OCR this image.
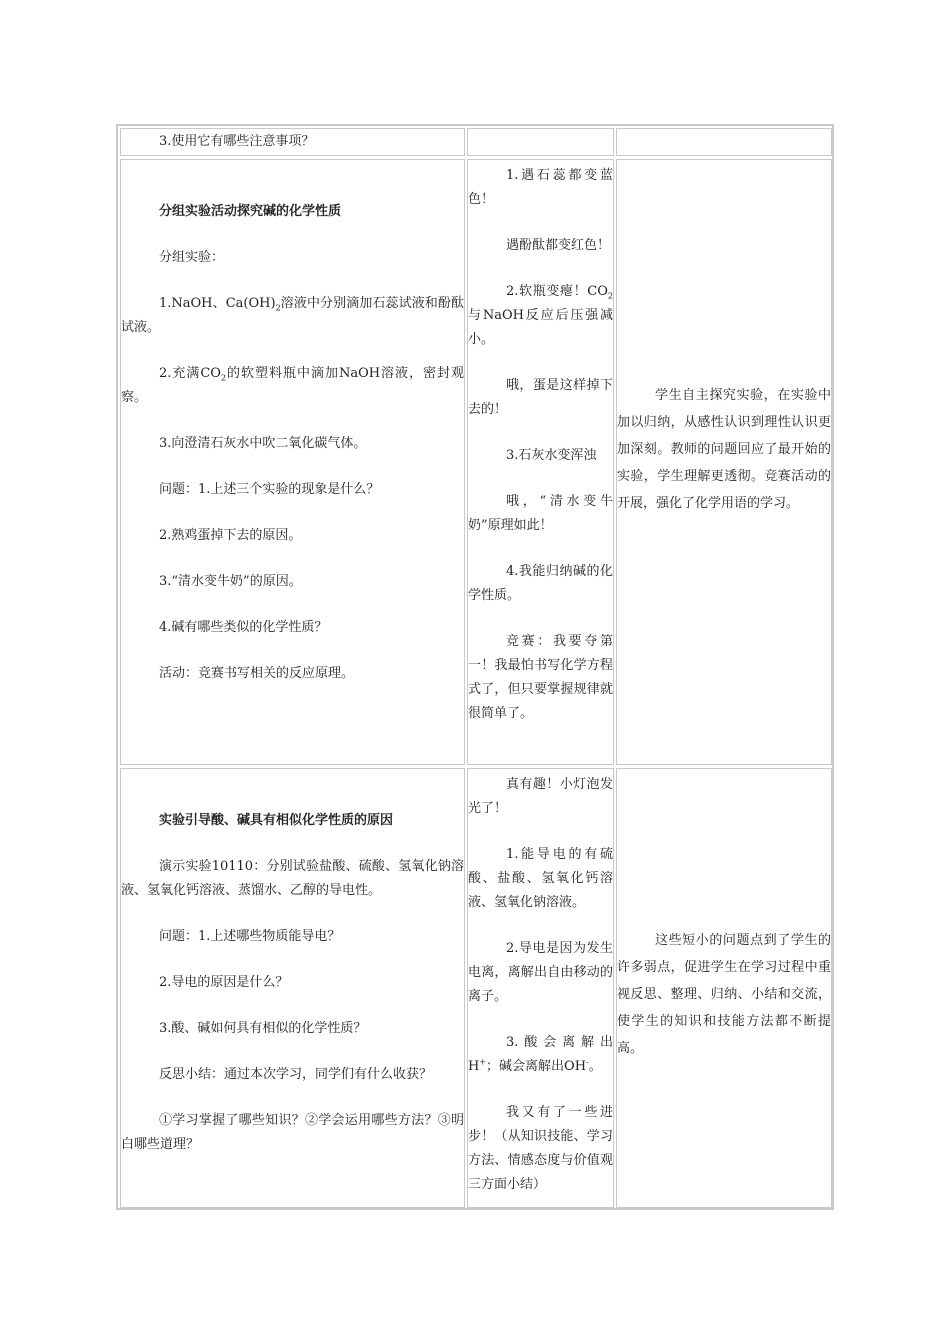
3.使用它有哪些注意事项？

分组实验活动探究碱的化学性质

分组实验：

1.NaOH、$Ca(OH)_2$溶液中分别滴加石蕊试液和酚酞试液。

2.充满$CO_2$的软塑料瓶中滴加NaOH溶液，密封观察。

3.向澄清石灰水中吹二氧化碳气体。

问题：1.上述三个实验的现象是什么？

2.熟鸡蛋掉下去的原因。

3.“清水变牛奶”的原因。

4.碱有哪些类似的化学性质？

活动：竞赛书写相关的反应原理。

1.遇石蕊都变蓝色！

遇酚酞都变红色！

2.软瓶变瘪！$CO_2$与NaOH反应后压强减小。

哦，蛋是这样掉下去的！

3.石灰水变浑浊

哦，“清水变牛奶”原理如此！

4.我能归纳碱的化学性质。

竞赛：我要夺第一！我最怕书写化学方程式了，但只要掌握规律就很简单了。

学生自主探究实验，在实验中加以归纳，从感性认识到理性认识更加深刻。教师的问题回应了最开始的实验，学生理解更透彻。竞赛活动的开展，强化了化学用语的学习。

实验引导酸、碱具有相似化学性质的原因

演示实验10110：分别试验盐酸、硫酸、氢氧化钠溶液、氢氧化钙溶液、蒸馏水、乙醇的导电性。

问题：1.上述哪些物质能导电？

2.导电的原因是什么？

3.酸、碱如何具有相似的化学性质？

反思小结：通过本次学习，同学们有什么收获？

①学习掌握了哪些知识？②学会运用哪些方法？③明白哪些道理？

真有趣！小灯泡发光了！

1.能导电的有硫酸、盐酸、氢氧化钙溶液、氢氧化钠溶液。

2.导电是因为发生电离，离解出自由移动的离子。

3.酸会离解出H+；碱会离解出OH-。

我又有了一些进步！（从知识技能、学习方法、情感态度与价值观三方面小结）

这些短小的问题点到了学生的许多弱点，促进学生在学习过程中重视反思、整理、归纳、小结和交流，使学生的知识和技能方法都不断提高。
